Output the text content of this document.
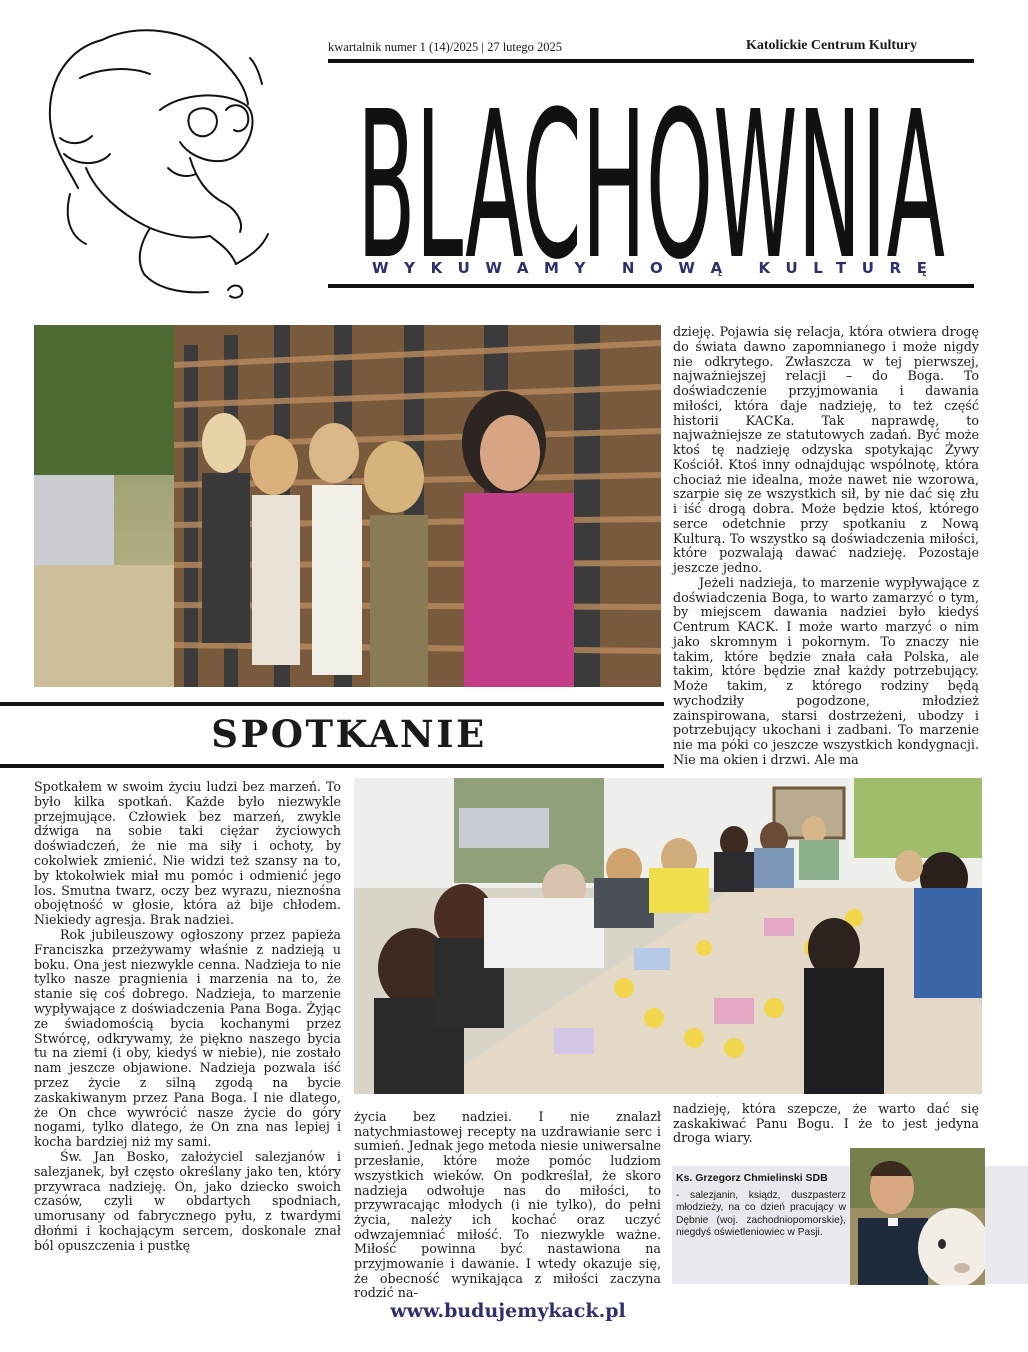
kwartalnik numer 1 (14)/2025 | 27 lutego 2025	Katolickie Centrum Kultury
BLACHOWNIA
WYKUWAMY NOWĄ KULTURĘ
SPOTKANIE

dzieję. Pojawia się relacja, która otwiera drogę do świata dawno zapomnianego i może nigdy nie odkrytego. Zwłaszcza w tej pierwszej, najważniejszej relacji – do Boga. To doświadczenie przyjmowania i dawania miłości, która daje nadzieję, to też część historii KACKa. Tak naprawdę, to najważniejsze ze statutowych zadań. Być może ktoś tę nadzieję odzyska spotykając Żywy Kościół. Ktoś inny odnajdując wspólnotę, która chociaż nie idealna, może nawet nie wzorowa, szarpie się ze wszystkich sił, by nie dać się złu i iść drogą dobra. Może będzie ktoś, którego serce odetchnie przy spotkaniu z Nową Kulturą. To wszystko są doświadczenia miłości, które pozwalają dawać nadzieję. Pozostaje jeszcze jedno.

Jeżeli nadzieja, to marzenie wypływające z doświadczenia Boga, to warto zamarzyć o tym, by miejscem dawania nadziei było kiedyś Centrum KACK. I może warto marzyć o nim jako skromnym i pokornym. To znaczy nie takim, które będzie znała cała Polska, ale takim, które będzie znał każdy potrzebujący. Może takim, z którego rodziny będą wychodziły pogodzone, młodzież zainspirowana, starsi dostrzeżeni, ubodzy i potrzebujący ukochani i zadbani. To marzenie nie ma póki co jeszcze wszystkich kondygnacji. Nie ma okien i drzwi. Ale ma

Spotkałem w swoim życiu ludzi bez marzeń. To było kilka spotkań. Każde było niezwykle przejmujące. Człowiek bez marzeń, zwykle dźwiga na sobie taki ciężar życiowych doświadczeń, że nie ma siły i ochoty, by cokolwiek zmienić. Nie widzi też szansy na to, by ktokolwiek miał mu pomóc i odmienić jego los. Smutna twarz, oczy bez wyrazu, nieznośna obojętność w głosie, która aż bije chłodem. Niekiedy agresja. Brak nadziei.

Rok jubileuszowy ogłoszony przez papieża Franciszka przeżywamy właśnie z nadzieją u boku. Ona jest niezwykle cenna. Nadzieja to nie tylko nasze pragnienia i marzenia na to, że stanie się coś dobrego. Nadzieja, to marzenie wypływające z doświadczenia Pana Boga. Żyjąc ze świadomością bycia kochanymi przez Stwórcę, odkrywamy, że piękno naszego bycia tu na ziemi (i oby, kiedyś w niebie), nie zostało nam jeszcze objawione. Nadzieja pozwala iść przez życie z silną zgodą na bycie zaskakiwanym przez Pana Boga. I nie dlatego, że On chce wywrócić nasze życie do góry nogami, tylko dlatego, że On zna nas lepiej i kocha bardziej niż my sami.

Św. Jan Bosko, założyciel salezjanów i salezjanek, był często określany jako ten, który przywraca nadzieję. On, jako dziecko swoich czasów, czyli w obdartych spodniach, umorusany od fabrycznego pyłu, z twardymi dłońmi i kochającym sercem, doskonale znał ból opuszczenia i pustkę

życia bez nadziei. I nie znalazł natychmiastowej recepty na uzdrawianie serc i sumień. Jednak jego metoda niesie uniwersalne przesłanie, które może pomóc ludziom wszystkich wieków. On podkreślał, że skoro nadzieja odwołuje nas do miłości, to przywracając młodych (i nie tylko), do pełni życia, należy ich kochać oraz uczyć odwzajemniać miłość. To niezwykle ważne. Miłość powinna być nastawiona na przyjmowanie i dawanie. I wtedy okazuje się, że obecność wynikająca z miłości zaczyna rodzić na-

nadzieję, która szepcze, że warto dać się zaskakiwać Panu Bogu. I że to jest jedyna droga wiary.

Ks. Grzegorz Chmielinski SDB
- salezjanin, ksiądz, duszpasterz młodzieży, na co dzień pracujący w Dębnie (woj. zachodniopomorskie), niegdyś oświetleniowiec w Pasji.
www.budujemykack.pl
